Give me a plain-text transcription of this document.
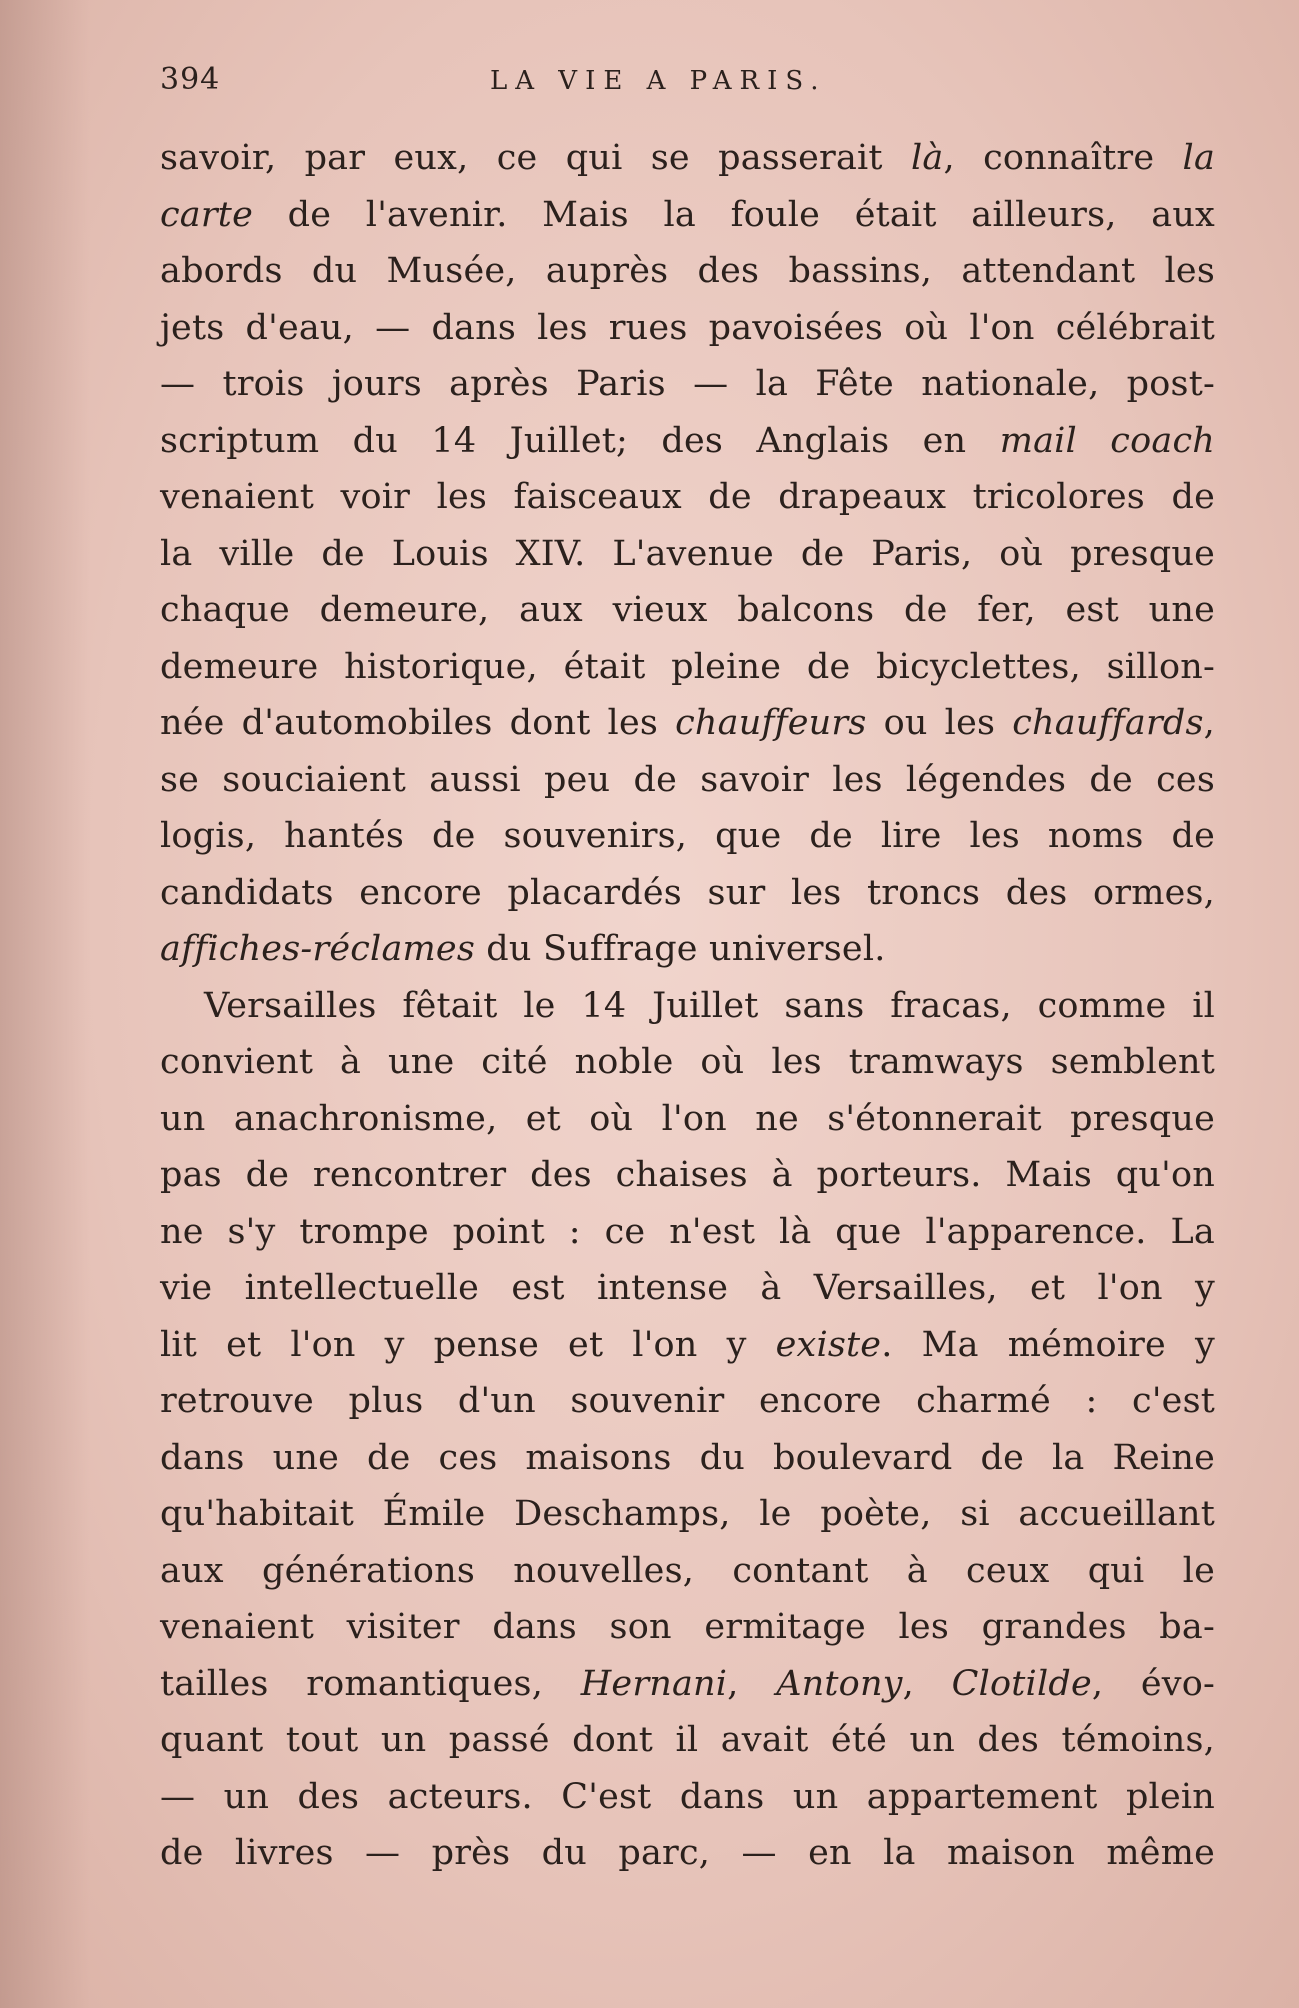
394	LA VIE A PARIS.
savoir, par eux, ce qui se passerait là, connaître la
carte de l'avenir. Mais la foule était ailleurs, aux
abords du Musée, auprès des bassins, attendant les
jets d'eau, — dans les rues pavoisées où l'on célébrait
— trois jours après Paris — la Fête nationale, post-
scriptum du 14 Juillet; des Anglais en mail coach
venaient voir les faisceaux de drapeaux tricolores de
la ville de Louis XIV. L'avenue de Paris, où presque
chaque demeure, aux vieux balcons de fer, est une
demeure historique, était pleine de bicyclettes, sillon-
née d'automobiles dont les chauffeurs ou les chauffards,
se souciaient aussi peu de savoir les légendes de ces
logis, hantés de souvenirs, que de lire les noms de
candidats encore placardés sur les troncs des ormes,
affiches-réclames du Suffrage universel.
Versailles fêtait le 14 Juillet sans fracas, comme il
convient à une cité noble où les tramways semblent
un anachronisme, et où l'on ne s'étonnerait presque
pas de rencontrer des chaises à porteurs. Mais qu'on
ne s'y trompe point : ce n'est là que l'apparence. La
vie intellectuelle est intense à Versailles, et l'on y
lit et l'on y pense et l'on y existe. Ma mémoire y
retrouve plus d'un souvenir encore charmé : c'est
dans une de ces maisons du boulevard de la Reine
qu'habitait Émile Deschamps, le poète, si accueillant
aux générations nouvelles, contant à ceux qui le
venaient visiter dans son ermitage les grandes ba-
tailles romantiques, Hernani, Antony, Clotilde, évo-
quant tout un passé dont il avait été un des témoins,
— un des acteurs. C'est dans un appartement plein
de livres — près du parc, — en la maison même
